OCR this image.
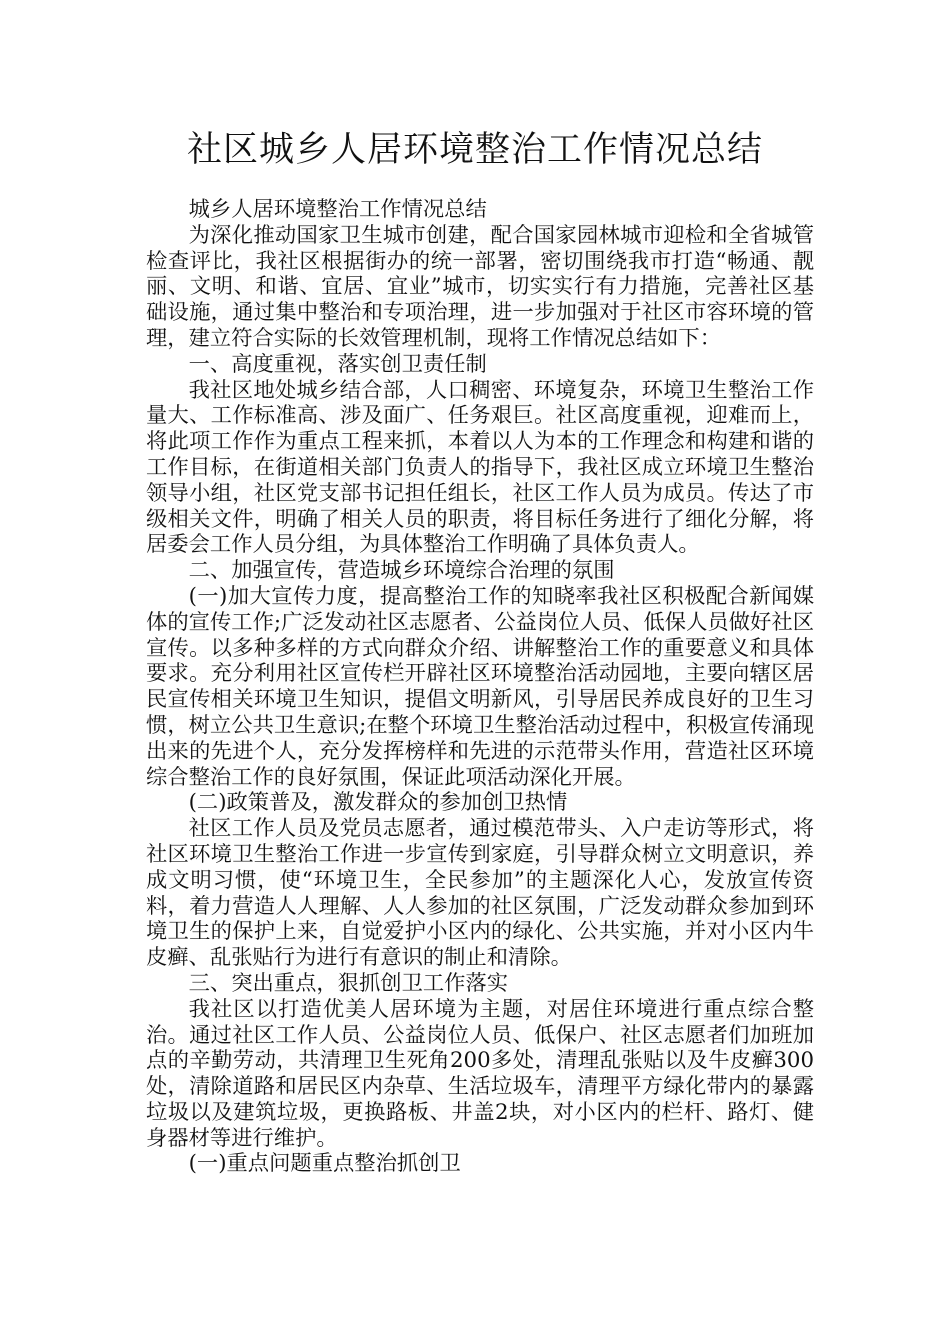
社区城乡人居环境整治工作情况总结

城乡人居环境整治工作情况总结

为深化推动国家卫生城市创建，配合国家园林城市迎检和全省城管检查评比，我社区根据街办的统一部署，密切围绕我市打造“畅通、靓丽、文明、和谐、宜居、宜业”城市，切实实行有力措施，完善社区基础设施，通过集中整治和专项治理，进一步加强对于社区市容环境的管理，建立符合实际的长效管理机制，现将工作情况总结如下：

一、高度重视，落实创卫责任制

我社区地处城乡结合部，人口稠密、环境复杂，环境卫生整治工作量大、工作标准高、涉及面广、任务艰巨。社区高度重视，迎难而上，将此项工作作为重点工程来抓，本着以人为本的工作理念和构建和谐的工作目标，在街道相关部门负责人的指导下，我社区成立环境卫生整治领导小组，社区党支部书记担任组长，社区工作人员为成员。传达了市级相关文件，明确了相关人员的职责，将目标任务进行了细化分解，将居委会工作人员分组，为具体整治工作明确了具体负责人。

二、加强宣传，营造城乡环境综合治理的氛围

(一)加大宣传力度，提高整治工作的知晓率我社区积极配合新闻媒体的宣传工作;广泛发动社区志愿者、公益岗位人员、低保人员做好社区宣传。以多种多样的方式向群众介绍、讲解整治工作的重要意义和具体要求。充分利用社区宣传栏开辟社区环境整治活动园地，主要向辖区居民宣传相关环境卫生知识，提倡文明新风，引导居民养成良好的卫生习惯，树立公共卫生意识;在整个环境卫生整治活动过程中，积极宣传涌现出来的先进个人，充分发挥榜样和先进的示范带头作用，营造社区环境综合整治工作的良好氛围，保证此项活动深化开展。

(二)政策普及，激发群众的参加创卫热情

社区工作人员及党员志愿者，通过模范带头、入户走访等形式，将社区环境卫生整治工作进一步宣传到家庭，引导群众树立文明意识，养成文明习惯，使“环境卫生，全民参加”的主题深化人心，发放宣传资料，着力营造人人理解、人人参加的社区氛围，广泛发动群众参加到环境卫生的保护上来，自觉爱护小区内的绿化、公共实施，并对小区内牛皮癣、乱张贴行为进行有意识的制止和清除。

三、突出重点，狠抓创卫工作落实

我社区以打造优美人居环境为主题，对居住环境进行重点综合整治。通过社区工作人员、公益岗位人员、低保户、社区志愿者们加班加点的辛勤劳动，共清理卫生死角200多处，清理乱张贴以及牛皮癣300处，清除道路和居民区内杂草、生活垃圾车，清理平方绿化带内的暴露垃圾以及建筑垃圾，更换路板、井盖2块，对小区内的栏杆、路灯、健身器材等进行维护。

(一)重点问题重点整治抓创卫
